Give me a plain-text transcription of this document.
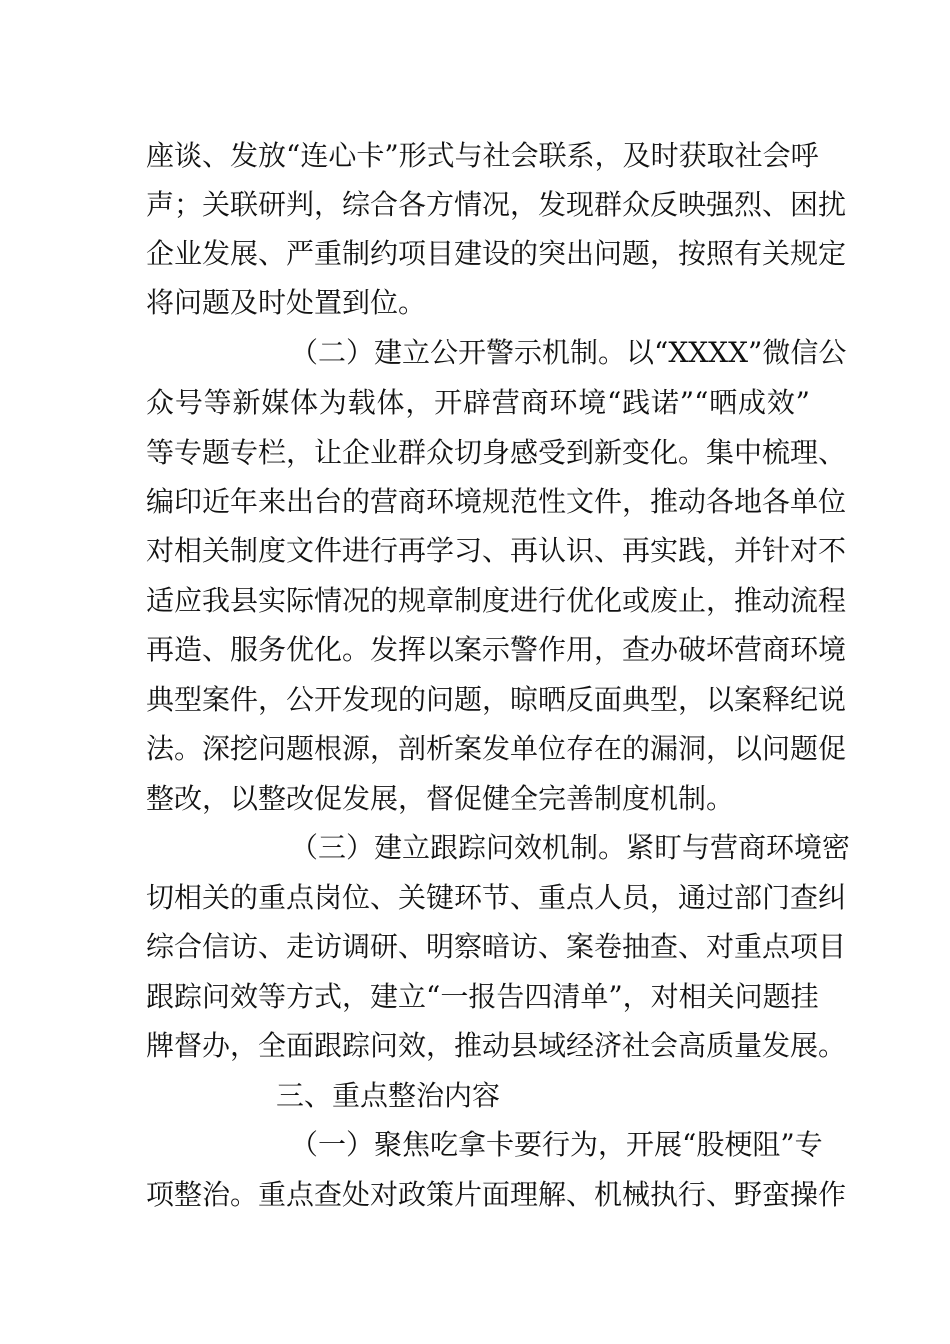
座谈、发放“连心卡”形式与社会联系，及时获取社会呼
声；关联研判，综合各方情况，发现群众反映强烈、困扰
企业发展、严重制约项目建设的突出问题，按照有关规定
将问题及时处置到位。
（二）建立公开警示机制。以“XXXX”微信公
众号等新媒体为载体，开辟营商环境“践诺”“晒成效”
等专题专栏，让企业群众切身感受到新变化。集中梳理、
编印近年来出台的营商环境规范性文件，推动各地各单位
对相关制度文件进行再学习、再认识、再实践，并针对不
适应我县实际情况的规章制度进行优化或废止，推动流程
再造、服务优化。发挥以案示警作用，查办破坏营商环境
典型案件，公开发现的问题，晾晒反面典型，以案释纪说
法。深挖问题根源，剖析案发单位存在的漏洞，以问题促
整改，以整改促发展，督促健全完善制度机制。
（三）建立跟踪问效机制。紧盯与营商环境密
切相关的重点岗位、关键环节、重点人员，通过部门查纠
综合信访、走访调研、明察暗访、案卷抽查、对重点项目
跟踪问效等方式，建立“一报告四清单”，对相关问题挂
牌督办，全面跟踪问效，推动县域经济社会高质量发展。
三、重点整治内容
（一）聚焦吃拿卡要行为，开展“股梗阻”专
项整治。重点查处对政策片面理解、机械执行、野蛮操作
